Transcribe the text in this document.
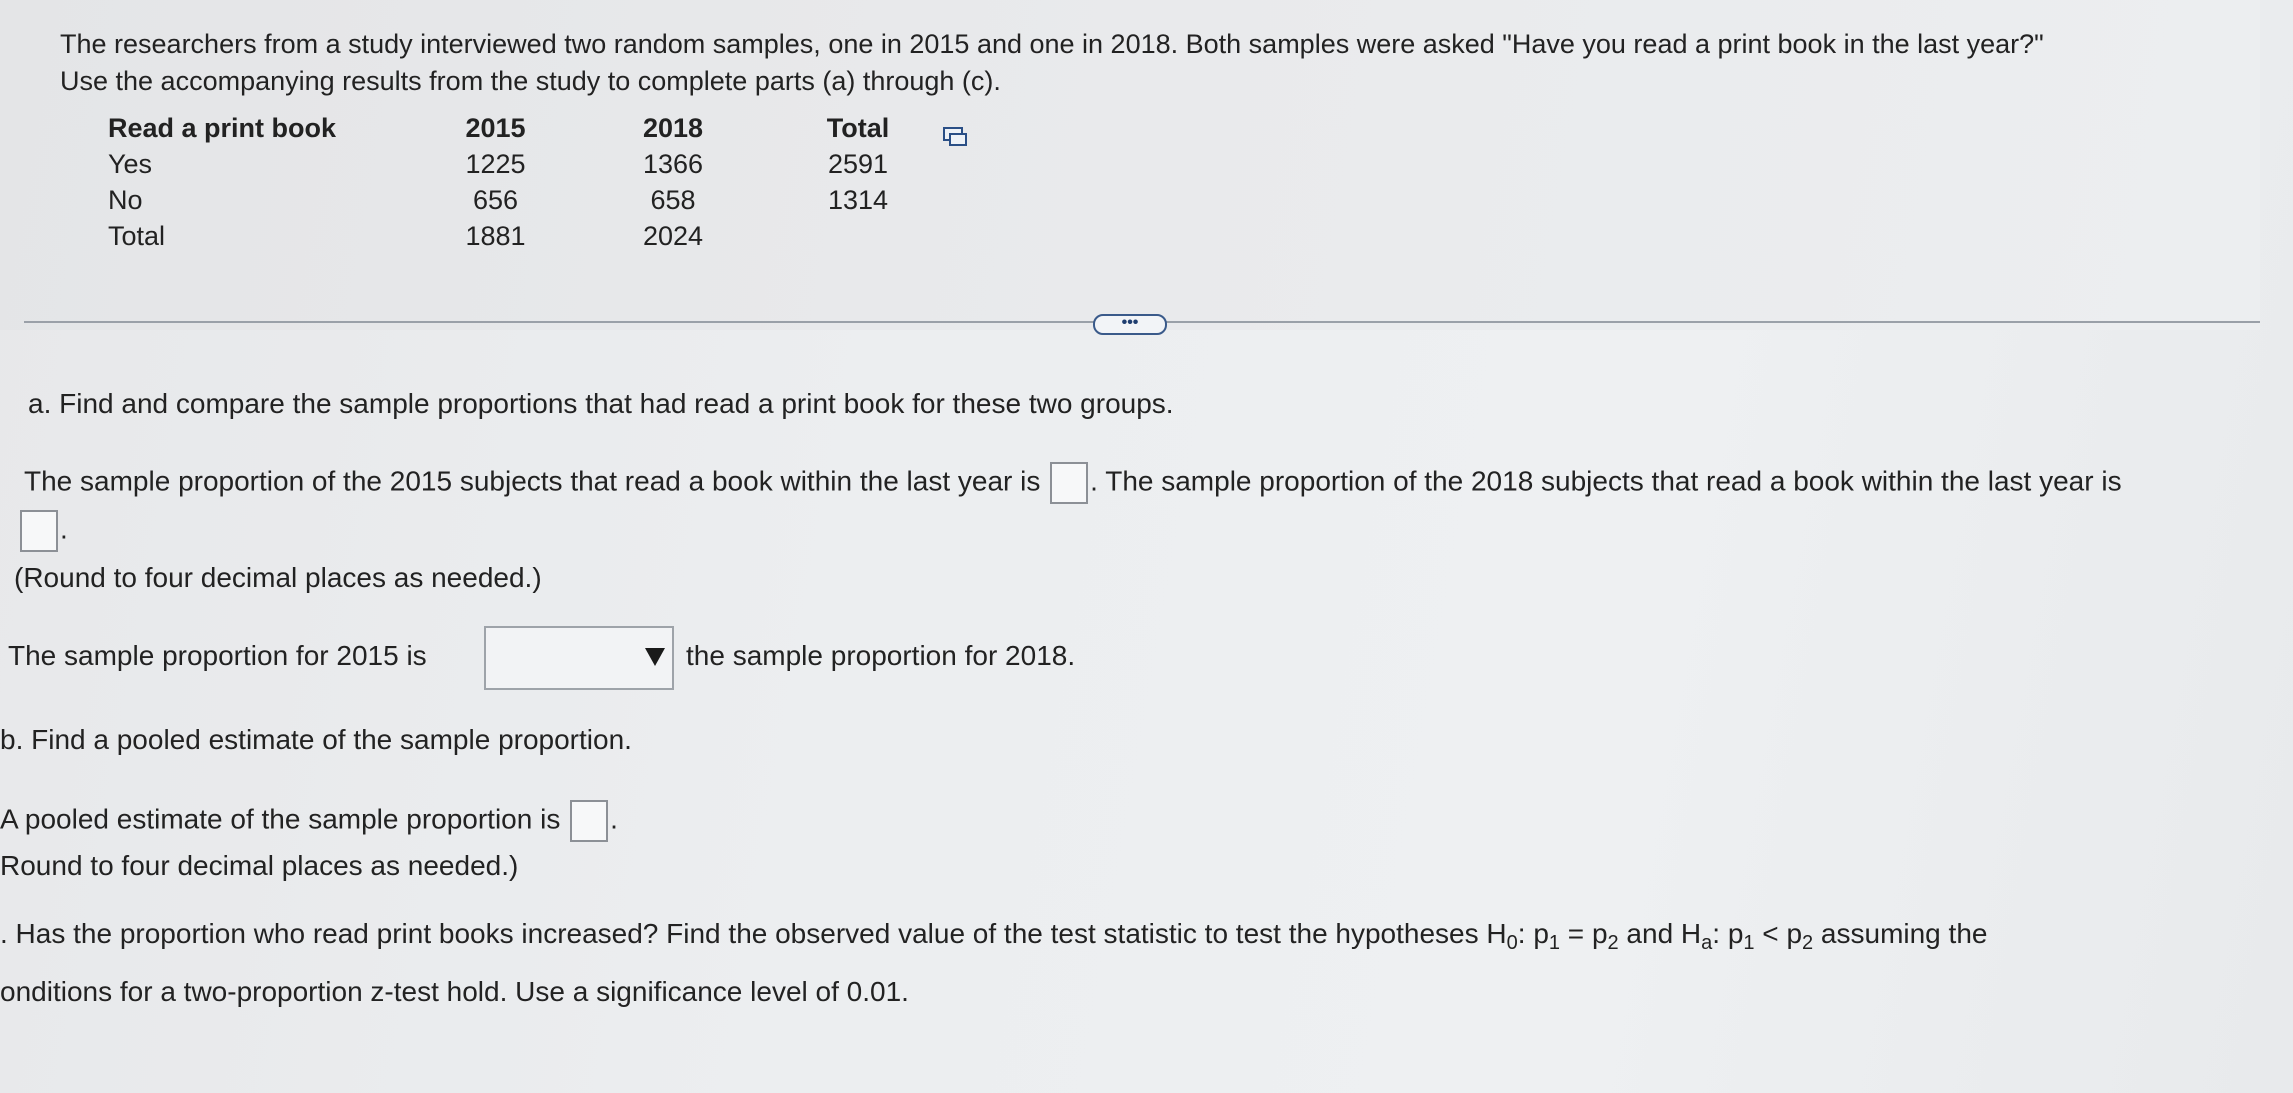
The researchers from a study interviewed two random samples, one in 2015 and one in 2018. Both samples were asked "Have you read a print book in the last year?"
Use the accompanying results from the study to complete parts (a) through (c).
Read a print book	2015	2018	Total
Yes	1225	1366	2591
No	656	658	1314
Total	1881	2024	
•••
a. Find and compare the sample proportions that had read a print book for these two groups.
The sample proportion of the 2015 subjects that read a book within the last year is . The sample proportion of the 2018 subjects that read a book within the last year is
.
(Round to four decimal places as needed.)
The sample proportion for 2015 is	the sample proportion for 2018.
b. Find a pooled estimate of the sample proportion.
A pooled estimate of the sample proportion is .
Round to four decimal places as needed.)
. Has the proportion who read print books increased? Find the observed value of the test statistic to test the hypotheses $H_0$: $p_1 = p_2$ and $H_a$: $p_1 < p_2$ assuming the
onditions for a two-proportion z-test hold. Use a significance level of 0.01.
